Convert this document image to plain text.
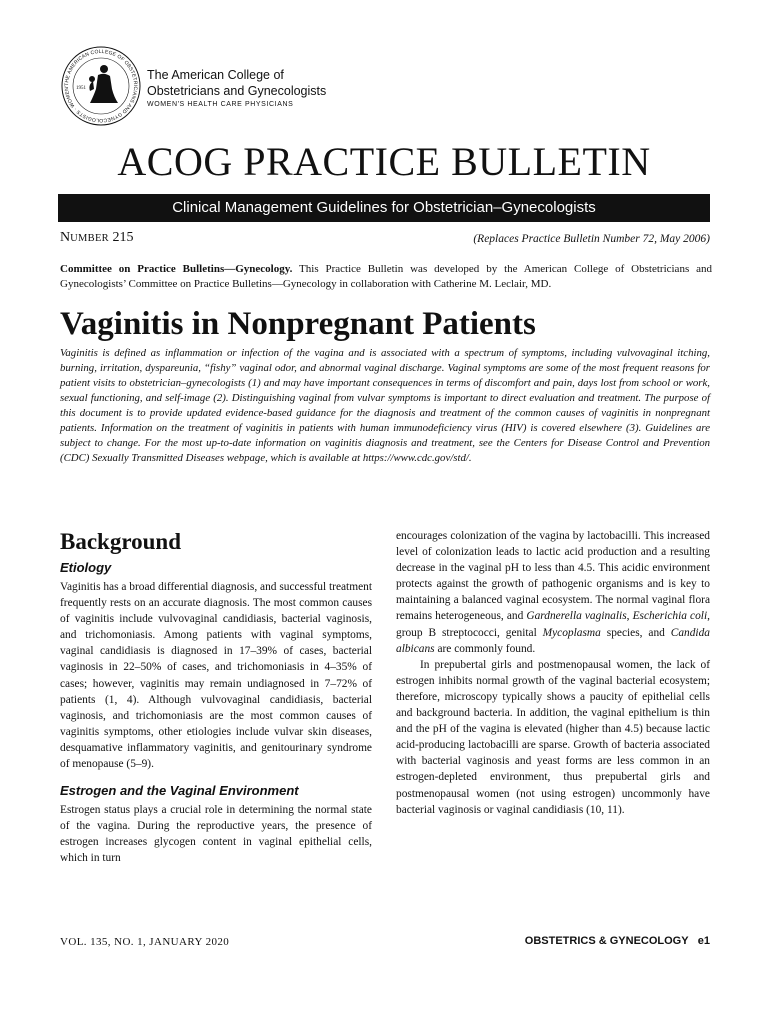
THE AMERICAN COLLEGE OF OBSTETRICIANS AND GYNECOLOGISTS · WOMEN'	1951
The American College of
Obstetricians and Gynecologists
WOMEN'S HEALTH CARE PHYSICIANS
ACOG PRACTICE BULLETIN
Clinical Management Guidelines for Obstetrician–Gynecologists
NUMBER 215	(Replaces Practice Bulletin Number 72, May 2006)
Committee on Practice Bulletins—Gynecology. This Practice Bulletin was developed by the American College of Obstetricians and Gynecologists’ Committee on Practice Bulletins—Gynecology in collaboration with Catherine M. Leclair, MD.
Vaginitis in Nonpregnant Patients
Vaginitis is defined as inflammation or infection of the vagina and is associated with a spectrum of symptoms, including vulvovaginal itching, burning, irritation, dyspareunia, “fishy” vaginal odor, and abnormal vaginal discharge. Vaginal symptoms are some of the most frequent reasons for patient visits to obstetrician–gynecologists (1) and may have important consequences in terms of discomfort and pain, days lost from school or work, sexual functioning, and self-image (2). Distinguishing vaginal from vulvar symptoms is important to direct evaluation and treatment. The purpose of this document is to provide updated evidence-based guidance for the diagnosis and treatment of the common causes of vaginitis in nonpregnant patients. Information on the treatment of vaginitis in patients with human immunodeficiency virus (HIV) is covered elsewhere (3). Guidelines are subject to change. For the most up-to-date information on vaginitis diagnosis and treatment, see the Centers for Disease Control and Prevention (CDC) Sexually Transmitted Diseases webpage, which is available at https://www.cdc.gov/std/.
Background
Etiology

Vaginitis has a broad differential diagnosis, and successful treatment frequently rests on an accurate diagnosis. The most common causes of vaginitis include vulvovaginal candidiasis, bacterial vaginosis, and trichomoniasis. Among patients with vaginal symptoms, vaginal candidiasis is diagnosed in 17–39% of cases, bacterial vaginosis in 22–50% of cases, and trichomoniasis in 4–35% of cases; however, vaginitis may remain undiagnosed in 7–72% of patients (1, 4). Although vulvovaginal candidiasis, bacterial vaginosis, and trichomoniasis are the most common causes of vaginitis symptoms, other etiologies include vulvar skin diseases, desquamative inflammatory vaginitis, and genitourinary syndrome of menopause (5–9).

Estrogen and the Vaginal Environment

Estrogen status plays a crucial role in determining the normal state of the vagina. During the reproductive years, the presence of estrogen increases glycogen content in vaginal epithelial cells, which in turn

encourages colonization of the vagina by lactobacilli. This increased level of colonization leads to lactic acid production and a resulting decrease in the vaginal pH to less than 4.5. This acidic environment protects against the growth of pathogenic organisms and is key to maintaining a balanced vaginal ecosystem. The normal vaginal flora remains heterogeneous, and Gardnerella vaginalis, Escherichia coli, group B streptococci, genital Mycoplasma species, and Candida albicans are commonly found.

In prepubertal girls and postmenopausal women, the lack of estrogen inhibits normal growth of the vaginal bacterial ecosystem; therefore, microscopy typically shows a paucity of epithelial cells and background bacteria. In addition, the vaginal epithelium is thin and the pH of the vagina is elevated (higher than 4.5) because lactic acid-producing lactobacilli are sparse. Growth of bacteria associated with bacterial vaginosis and yeast forms are less common in an estrogen-depleted environment, thus prepubertal girls and postmenopausal women (not using estrogen) uncommonly have bacterial vaginosis or vaginal candidiasis (10, 11).

VOL. 135, NO. 1, JANUARY 2020	OBSTETRICS & GYNECOLOGY e1
